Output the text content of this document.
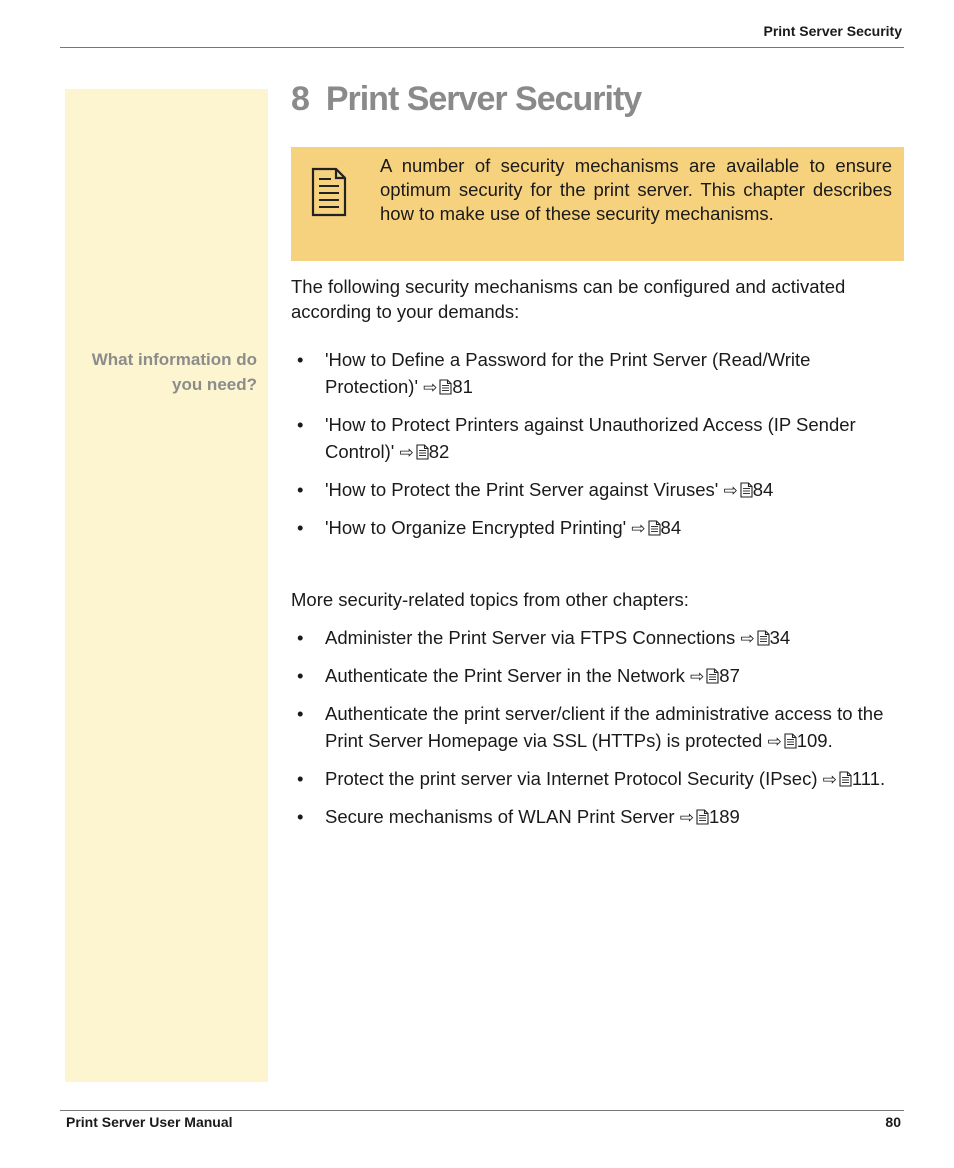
Print Server Security
What information do you need?
8 Print Server Security
A number of security mechanisms are available to ensure optimum security for the print server. This chapter describes how to make use of these security mechanisms.
The following security mechanisms can be configured and activated according to your demands:
• 'How to Define a Password for the Print Server (Read/Write Protection)' ⇨ 81
• 'How to Protect Printers against Unauthorized Access (IP Sender Control)' ⇨ 82
• 'How to Protect the Print Server against Viruses' ⇨ 84
• 'How to Organize Encrypted Printing' ⇨ 84
More security-related topics from other chapters:
• Administer the Print Server via FTPS Connections ⇨ 34
• Authenticate the Print Server in the Network ⇨ 87
• Authenticate the print server/client if the administrative access to the Print Server Homepage via SSL (HTTPs) is protected ⇨ 109.
• Protect the print server via Internet Protocol Security (IPsec) ⇨ 111.
• Secure mechanisms of WLAN Print Server ⇨ 189
Print Server User Manual	80
